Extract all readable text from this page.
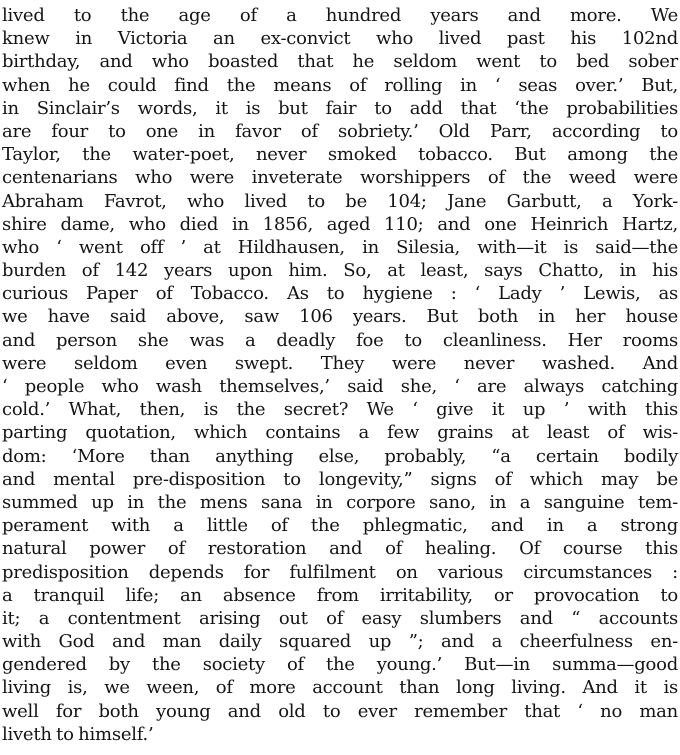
lived to the age of a hundred years and more. We
knew in Victoria an ex-convict who lived past his 102nd
birthday, and who boasted that he seldom went to bed sober
when he could find the means of rolling in ‘ seas over.’ But,
in Sinclair’s words, it is but fair to add that ‘the probabilities
are four to one in favor of sobriety.’ Old Parr, according to
Taylor, the water-poet, never smoked tobacco. But among the
centenarians who were inveterate worshippers of the weed were
Abraham Favrot, who lived to be 104; Jane Garbutt, a York-
shire dame, who died in 1856, aged 110; and one Heinrich Hartz,
who ‘ went off ’ at Hildhausen, in Silesia, with—it is said—the
burden of 142 years upon him. So, at least, says Chatto, in his
curious Paper of Tobacco. As to hygiene : ‘ Lady ’ Lewis, as
we have said above, saw 106 years. But both in her house
and person she was a deadly foe to cleanliness. Her rooms
were seldom even swept. They were never washed. And
‘ people who wash themselves,’ said she, ‘ are always catching
cold.’ What, then, is the secret? We ‘ give it up ’ with this
parting quotation, which contains a few grains at least of wis-
dom: ‘More than anything else, probably, “a certain bodily
and mental pre-disposition to longevity,” signs of which may be
summed up in the mens sana in corpore sano, in a sanguine tem-
perament with a little of the phlegmatic, and in a strong
natural power of restoration and of healing. Of course this
predisposition depends for fulfilment on various circumstances :
a tranquil life; an absence from irritability, or provocation to
it; a contentment arising out of easy slumbers and “ accounts
with God and man daily squared up ”; and a cheerfulness en-
gendered by the society of the young.’ But—in summa—good
living is, we ween, of more account than long living. And it is
well for both young and old to ever remember that ‘ no man
liveth to himself.’
